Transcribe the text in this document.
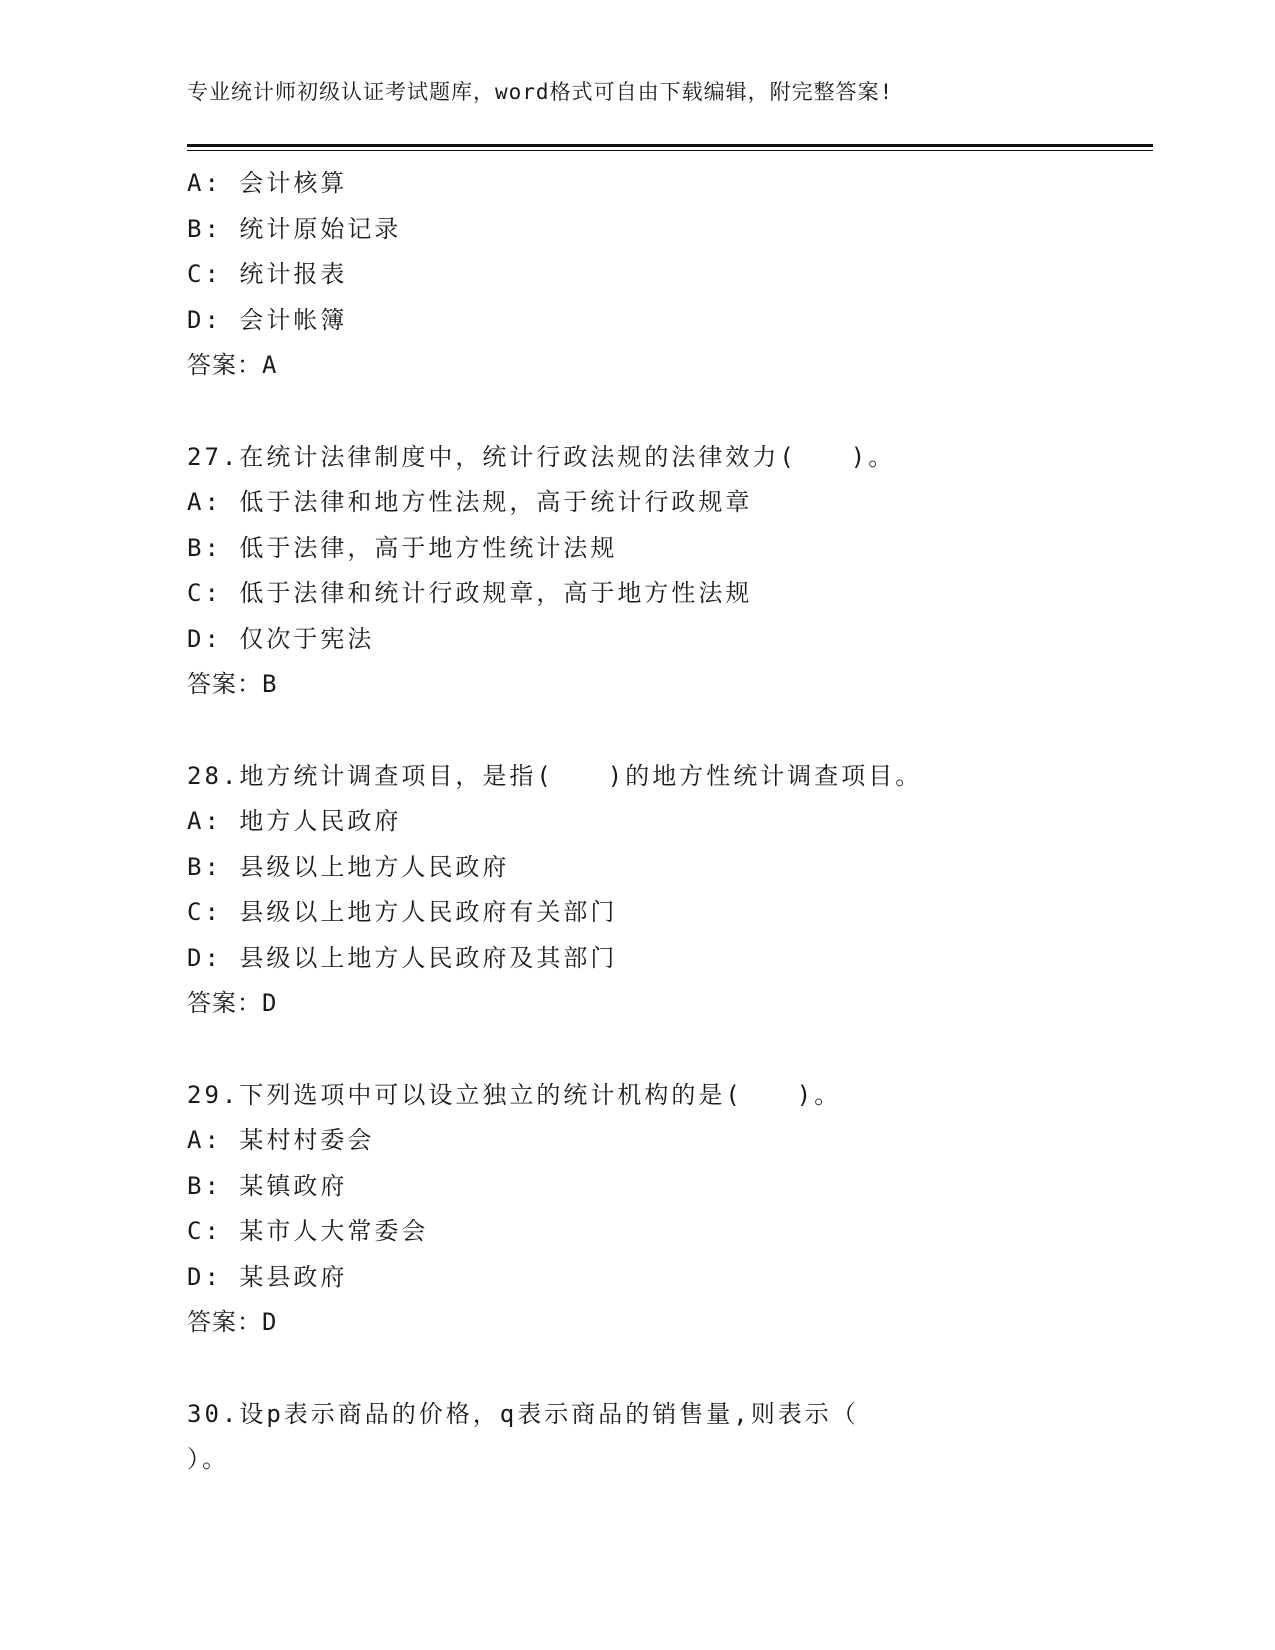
专业统计师初级认证考试题库，word格式可自由下载编辑，附完整答案!
A: 会计核算
B: 统计原始记录
C: 统计报表
D: 会计帐簿
答案：A
27.在统计法律制度中，统计行政法规的法律效力(　　)。
A: 低于法律和地方性法规，高于统计行政规章
B: 低于法律，高于地方性统计法规
C: 低于法律和统计行政规章，高于地方性法规
D: 仅次于宪法
答案：B
28.地方统计调查项目，是指(　　)的地方性统计调查项目。
A: 地方人民政府
B: 县级以上地方人民政府
C: 县级以上地方人民政府有关部门
D: 县级以上地方人民政府及其部门
答案：D
29.下列选项中可以设立独立的统计机构的是(　　)。
A: 某村村委会
B: 某镇政府
C: 某市人大常委会
D: 某县政府
答案：D
30.设p表示商品的价格，q表示商品的销售量,则表示（
）。
